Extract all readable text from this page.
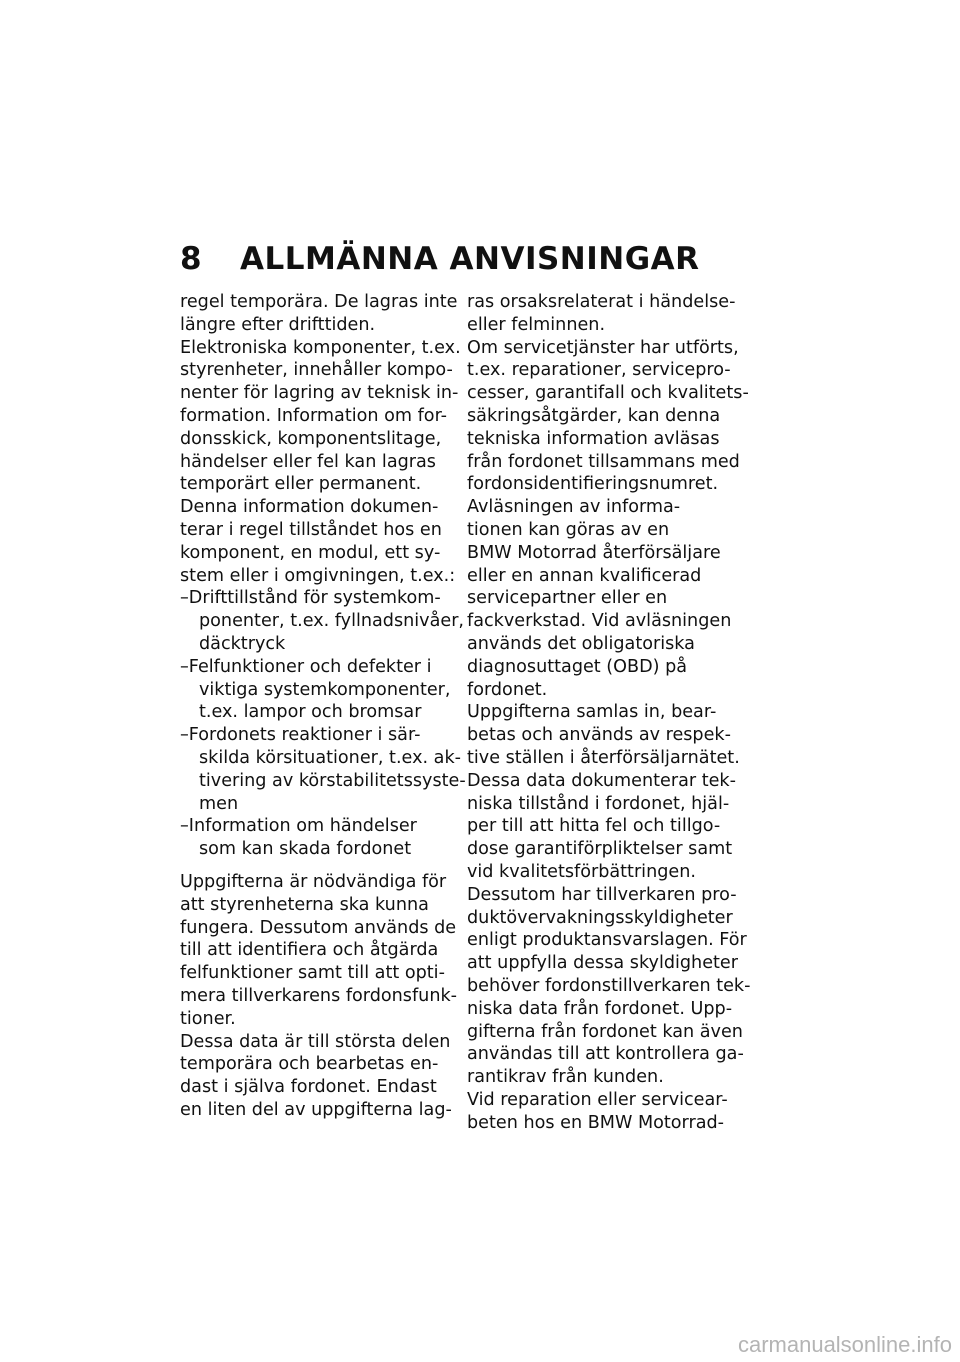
8 ALLMÄNNA ANVISNINGAR
regel temporära. De lagras inte
längre efter drifttiden.
Elektroniska komponenter, t.ex.
styrenheter, innehåller kompo-
nenter för lagring av teknisk in-
formation. Information om for-
donsskick, komponentslitage,
händelser eller fel kan lagras
temporärt eller permanent.
Denna information dokumen-
terar i regel tillståndet hos en
komponent, en modul, ett sy-
stem eller i omgivningen, t.ex.:
–Drifttillstånd för systemkom-
ponenter, t.ex. fyllnadsnivåer,
däcktryck
–Felfunktioner och defekter i
viktiga systemkomponenter,
t.ex. lampor och bromsar
–Fordonets reaktioner i sär-
skilda körsituationer, t.ex. ak-
tivering av körstabilitetssyste-
men
–Information om händelser
som kan skada fordonet
Uppgifterna är nödvändiga för
att styrenheterna ska kunna
fungera. Dessutom används de
till att identifiera och åtgärda
felfunktioner samt till att opti-
mera tillverkarens fordonsfunk-
tioner.
Dessa data är till största delen
temporära och bearbetas en-
dast i själva fordonet. Endast
en liten del av uppgifterna lag-
ras orsaksrelaterat i händelse-
eller felminnen.
Om servicetjänster har utförts,
t.ex. reparationer, servicepro-
cesser, garantifall och kvalitets-
säkringsåtgärder, kan denna
tekniska information avläsas
från fordonet tillsammans med
fordonsidentifieringsnumret.
Avläsningen av informa-
tionen kan göras av en
BMW Motorrad återförsäljare
eller en annan kvalificerad
servicepartner eller en
fackverkstad. Vid avläsningen
används det obligatoriska
diagnosuttaget (OBD) på
fordonet.
Uppgifterna samlas in, bear-
betas och används av respek-
tive ställen i återförsäljarnätet.
Dessa data dokumenterar tek-
niska tillstånd i fordonet, hjäl-
per till att hitta fel och tillgo-
dose garantiförpliktelser samt
vid kvalitetsförbättringen.
Dessutom har tillverkaren pro-
duktövervakningsskyldigheter
enligt produktansvarslagen. För
att uppfylla dessa skyldigheter
behöver fordonstillverkaren tek-
niska data från fordonet. Upp-
gifterna från fordonet kan även
användas till att kontrollera ga-
rantikrav från kunden.
Vid reparation eller servicear-
beten hos en BMW Motorrad-
carmanualsonline.info
